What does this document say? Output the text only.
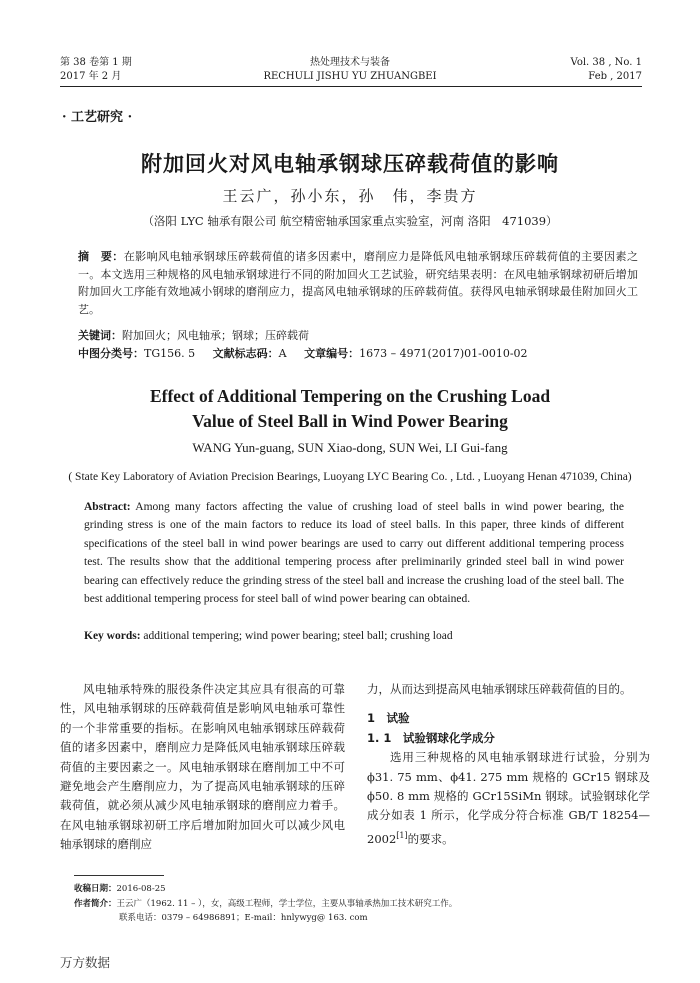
第 38 卷第 1 期
2017 年 2 月
热处理技术与装备
RECHULI JISHU YU ZHUANGBEI
Vol. 38 , No. 1
Feb , 2017
· 工艺研究 ·
附加回火对风电轴承钢球压碎载荷值的影响
王云广，孙小东，孙　伟，李贵方
（洛阳 LYC 轴承有限公司 航空精密轴承国家重点实验室，河南 洛阳　471039）
摘　要：在影响风电轴承钢球压碎载荷值的诸多因素中，磨削应力是降低风电轴承钢球压碎载荷值的主要因素之一。本文选用三种规格的风电轴承钢球进行不同的附加回火工艺试验，研究结果表明：在风电轴承钢球初研后增加附加回火工序能有效地减小钢球的磨削应力，提高风电轴承钢球的压碎载荷值。获得风电轴承钢球最佳附加回火工艺。
关键词：附加回火；风电轴承；钢球；压碎载荷
中图分类号：TG156. 5 文献标志码：A 文章编号：1673 – 4971(2017)01-0010-02
Effect of Additional Tempering on the Crushing Load
Value of Steel Ball in Wind Power Bearing
WANG Yun-guang, SUN Xiao-dong, SUN Wei, LI Gui-fang
( State Key Laboratory of Aviation Precision Bearings, Luoyang LYC Bearing Co. , Ltd. , Luoyang Henan 471039, China)
Abstract: Among many factors affecting the value of crushing load of steel balls in wind power bearing, the grinding stress is one of the main factors to reduce its load of steel balls. In this paper, three kinds of different specifications of the steel ball in wind power bearings are used to carry out different additional tempering process test. The results show that the additional tempering process after preliminarily grinded steel ball in wind power bearing can effectively reduce the grinding stress of the steel ball and increase the crushing load of the steel ball. The best additional tempering process for steel ball of wind power bearing can obtained.
Key words: additional tempering; wind power bearing; steel ball; crushing load

风电轴承特殊的服役条件决定其应具有很高的可靠性，风电轴承钢球的压碎载荷值是影响风电轴承可靠性的一个非常重要的指标。在影响风电轴承钢球压碎载荷值的诸多因素中，磨削应力是降低风电轴承钢球压碎载荷值的主要因素之一。风电轴承钢球在磨削加工中不可避免地会产生磨削应力，为了提高风电轴承钢球的压碎载荷值，就必须从减少风电轴承钢球的磨削应力着手。在风电轴承钢球初研工序后增加附加回火可以减少风电轴承钢球的磨削应

力，从而达到提高风电轴承钢球压碎载荷值的目的。

1　试验

1. 1　试验钢球化学成分

选用三种规格的风电轴承钢球进行试验，分别为 ϕ31. 75 mm、ϕ41. 275 mm 规格的 GCr15 钢球及 ϕ50. 8 mm 规格的 GCr15SiMn 钢球。试验钢球化学成分如表 1 所示，化学成分符合标准 GB/T 18254—2002[1]的要求。

收稿日期：2016-08-25
作者简介：王云广（1962. 11 – ），女，高级工程师，学士学位，主要从事轴承热加工技术研究工作。
联系电话：0379 – 64986891；E-mail：hnlywyg@ 163. com
万方数据
